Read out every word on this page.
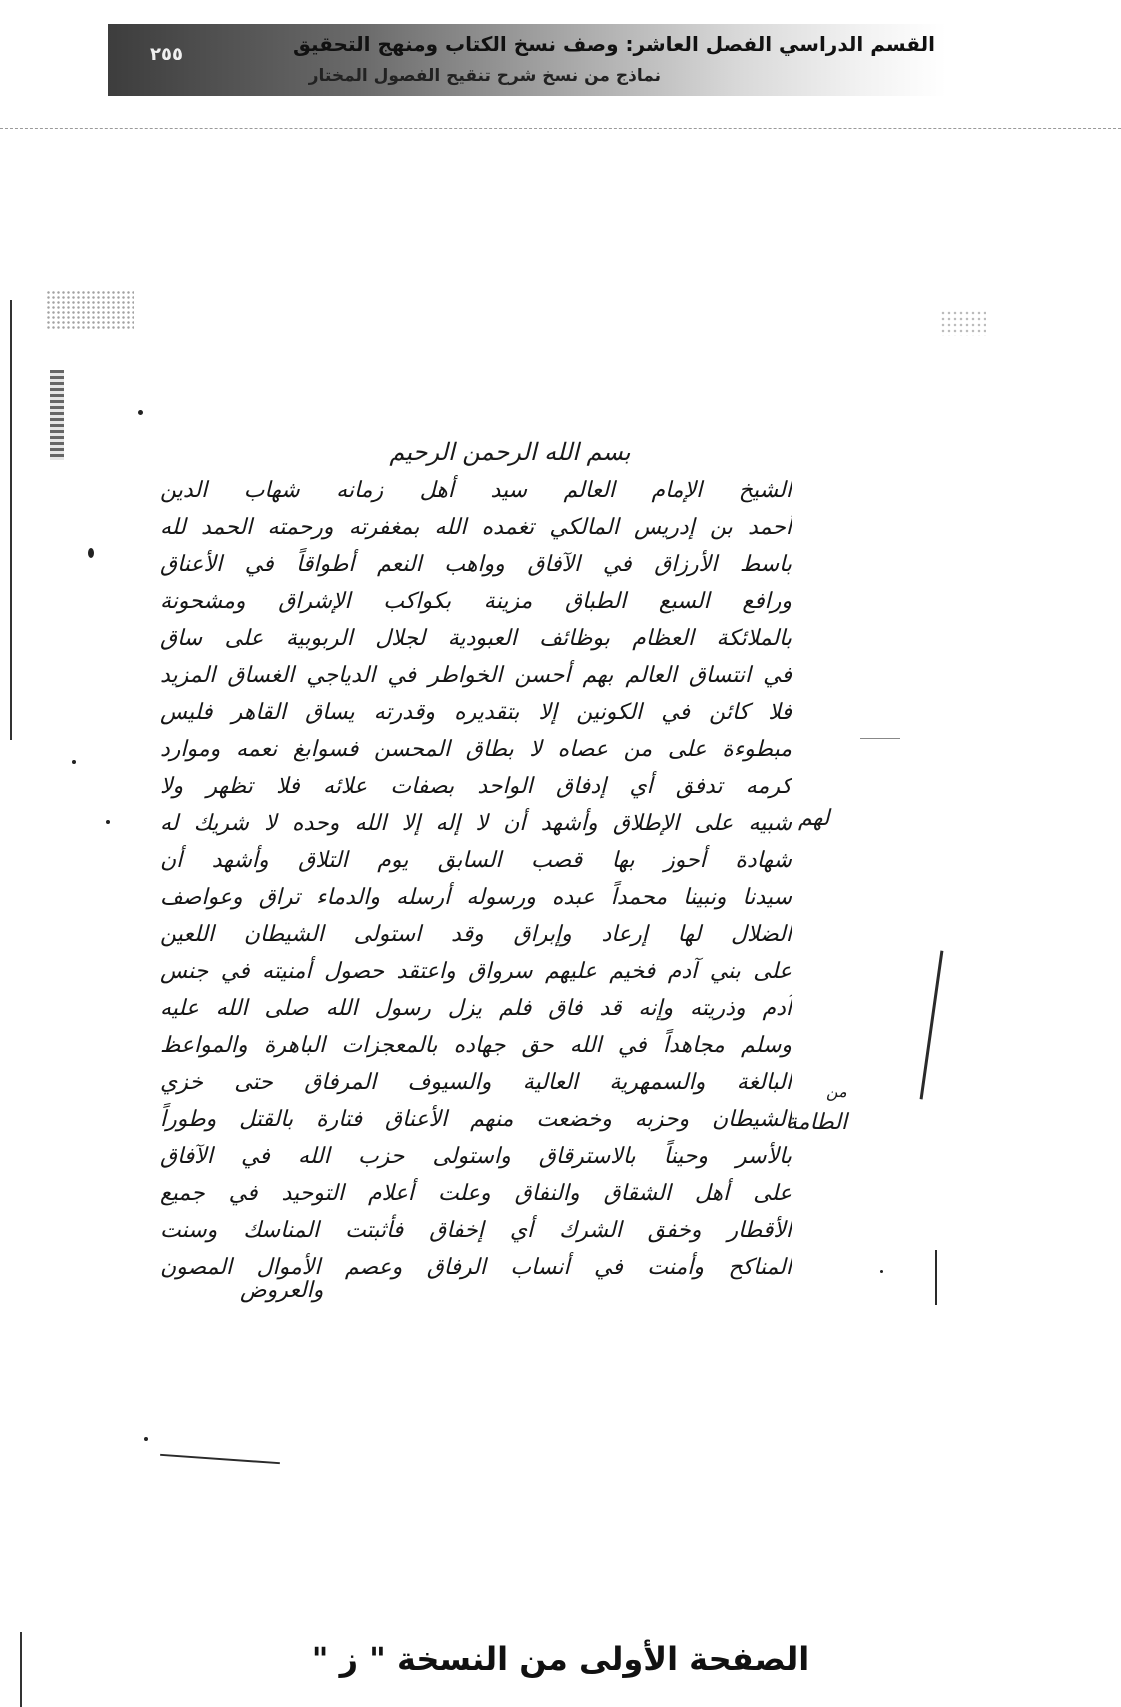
القسم الدراسي الفصل العاشر: وصف نسخ الكتاب ومنهج التحقيق
نماذج من نسخ شرح تنقيح الفصول المختار
٢٥٥
بسم الله الرحمن الرحيم
الشيخ الإمام العالم سيد أهل زمانه شهاب الدين
أحمد بن إدريس المالكي تغمده الله بمغفرته ورحمته الحمد لله
باسط الأرزاق في الآفاق وواهب النعم أطواقاً في الأعناق
ورافع السبع الطباق مزينة بكواكب الإشراق ومشحونة
بالملائكة العظام بوظائف العبودية لجلال الربوبية على ساق
في انتساق العالم بهم أحسن الخواطر في الدياجي الغساق المزيد
فلا كائن في الكونين إلا بتقديره وقدرته يساق القاهر فليس
مبطوءة على من عصاه لا بطاق المحسن فسوابغ نعمه وموارد
كرمه تدفق أي إدفاق الواحد بصفات علائه فلا تظهر ولا
شبيه على الإطلاق وأشهد أن لا إله إلا الله وحده لا شريك له
شهادة أحوز بها قصب السابق يوم التلاق وأشهد أن
سيدنا ونبينا محمداً عبده ورسوله أرسله والدماء تراق وعواصف
الضلال لها إرعاد وإبراق وقد استولى الشيطان اللعين
على بني آدم فخيم عليهم سرواق واعتقد حصول أمنيته في جنس
آدم وذريته وإنه قد فاق فلم يزل رسول الله صلى الله عليه
وسلم مجاهداً في الله حق جهاده بالمعجزات الباهرة والمواعظ
البالغة والسمهرية العالية والسيوف المرفاق حتى خزي
الشيطان وحزبه وخضعت منهم الأعناق فتارة بالقتل وطوراً
بالأسر وحيناً بالاسترقاق واستولى حزب الله في الآفاق
على أهل الشقاق والنفاق وعلت أعلام التوحيد في جميع
الأقطار وخفق الشرك أي إخفاق فأثبتت المناسك وسنت
المناكح وأمنت في أنساب الرفاق وعصم الأموال المصون
والعروض
لهم
من
الطامة
الصفحة الأولى من النسخة " ز "
